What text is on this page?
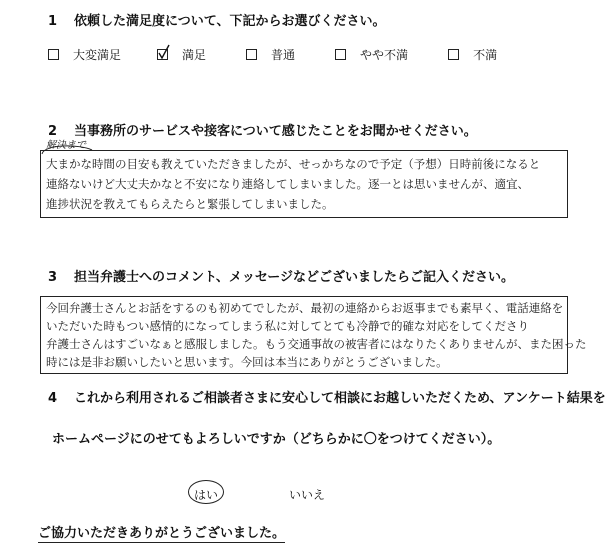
1 依頼した満足度について、下記からお選びください。
大変満足	満足	普通	やや不満	不満
2 当事務所のサービスや接客について感じたことをお聞かせください。
解決まで
大まかな時間の目安も教えていただきましたが、せっかちなので予定（予想）日時前後になると
連絡ないけど大丈夫かなと不安になり連絡してしまいました。逐一とは思いませんが、適宜、
進捗状況を教えてもらえたらと緊張してしまいました。
3 担当弁護士へのコメント、メッセージなどございましたらご記入ください。
今回弁護士さんとお話をするのも初めてでしたが、最初の連絡からお返事までも素早く、電話連絡を
いただいた時もつい感情的になってしまう私に対してとても冷静で的確な対応をしてくださり
弁護士さんはすごいなぁと感服しました。もう交通事故の被害者にはなりたくありませんが、また困った
時には是非お願いしたいと思います。今回は本当にありがとうございました。
4 これから利用されるご相談者さまに安心して相談にお越しいただくため、アンケート結果を
ホームページにのせてもよろしいですか（どちらかに〇をつけてください）。
はい	いいえ
ご協力いただきありがとうございました。
